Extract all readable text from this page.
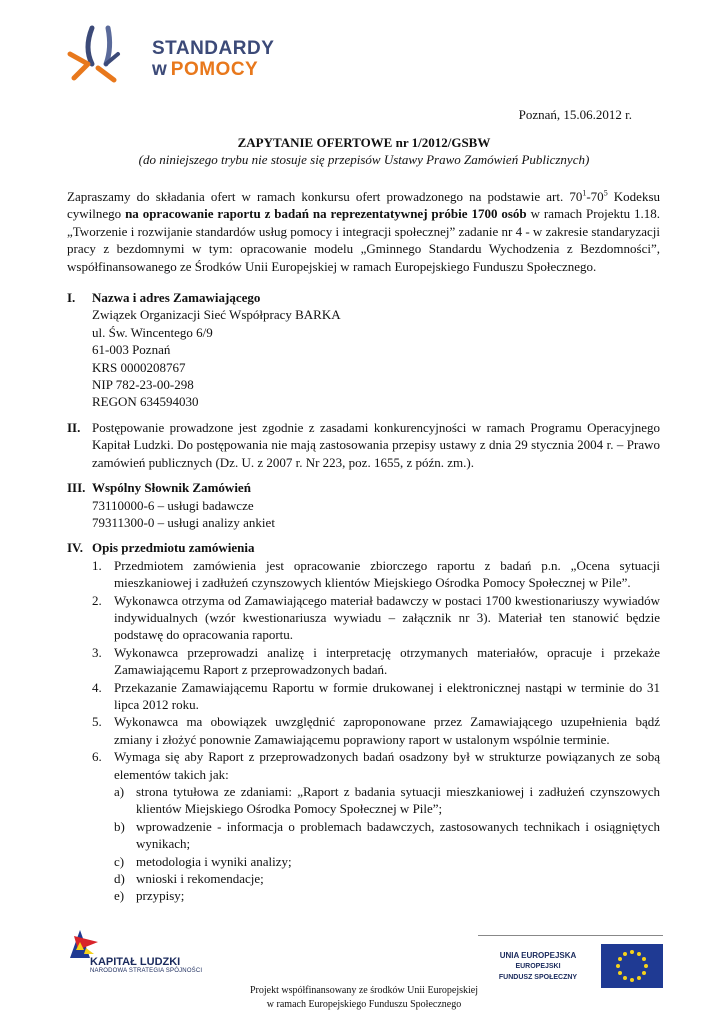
STANDARDY
w POMOCY
Poznań, 15.06.2012 r.
ZAPYTANIE OFERTOWE nr 1/2012/GSBW
(do niniejszego trybu nie stosuje się przepisów Ustawy Prawo Zamówień Publicznych)

Zapraszamy do składania ofert w ramach konkursu ofert prowadzonego na podstawie art. $70^1-70^5$ Kodeksu cywilnego na opracowanie raportu z badań na reprezentatywnej próbie 1700 osób w ramach Projektu 1.18. „Tworzenie i rozwijanie standardów usług pomocy i integracji społecznej” zadanie nr 4 - w zakresie standaryzacji pracy z bezdomnymi w tym: opracowanie modelu „Gminnego Standardu Wychodzenia z Bezdomności”, współfinansowanego ze Środków Unii Europejskiej w ramach Europejskiego Funduszu Społecznego.

I.	Nazwa i adres Zamawiającego
Związek Organizacji Sieć Współpracy BARKA
ul. Św. Wincentego 6/9
61-003 Poznań
KRS 0000208767
NIP 782-23-00-298
REGON 634594030
II. Postępowanie prowadzone jest zgodnie z zasadami konkurencyjności w ramach Programu Operacyjnego Kapitał Ludzki. Do postępowania nie mają zastosowania przepisy ustawy z dnia 29 stycznia 2004 r. – Prawo zamówień publicznych (Dz. U. z 2007 r. Nr 223, poz. 1655, z późn. zm.).
III. Wspólny Słownik Zamówień
73110000-6 – usługi badawcze
79311300-0 – usługi analizy ankiet
IV. Opis przedmiotu zamówienia
1. Przedmiotem zamówienia jest opracowanie zbiorczego raportu z badań p.n. „Ocena sytuacji mieszkaniowej i zadłużeń czynszowych klientów Miejskiego Ośrodka Pomocy Społecznej w Pile”.
2. Wykonawca otrzyma od Zamawiającego materiał badawczy w postaci 1700 kwestionariuszy wywiadów indywidualnych (wzór kwestionariusza wywiadu – załącznik nr 3). Materiał ten stanowić będzie podstawę do opracowania raportu.
3. Wykonawca przeprowadzi analizę i interpretację otrzymanych materiałów, opracuje i przekaże Zamawiającemu Raport z przeprowadzonych badań.
4. Przekazanie Zamawiającemu Raportu w formie drukowanej i elektronicznej nastąpi w terminie do 31 lipca 2012 roku.
5. Wykonawca ma obowiązek uwzględnić zaproponowane przez Zamawiającego uzupełnienia bądź zmiany i złożyć ponownie Zamawiającemu poprawiony raport w ustalonym wspólnie terminie.
6. Wymaga się aby Raport z przeprowadzonych badań osadzony był w strukturze powiązanych ze sobą elementów takich jak:
a) strona tytułowa ze zdaniami: „Raport z badania sytuacji mieszkaniowej i zadłużeń czynszowych klientów Miejskiego Ośrodka Pomocy Społecznej w Pile”;
b) wprowadzenie - informacja o problemach badawczych, zastosowanych technikach i osiągniętych wynikach;
c) metodologia i wyniki analizy;
d) wnioski i rekomendacje;
e) przypisy;
KAPITAŁ LUDZKI
NARODOWA STRATEGIA SPÓJNOŚCI
UNIA EUROPEJSKA
EUROPEJSKI
FUNDUSZ SPOŁECZNY
Projekt współfinansowany ze środków Unii Europejskiej
w ramach Europejskiego Funduszu Społecznego
